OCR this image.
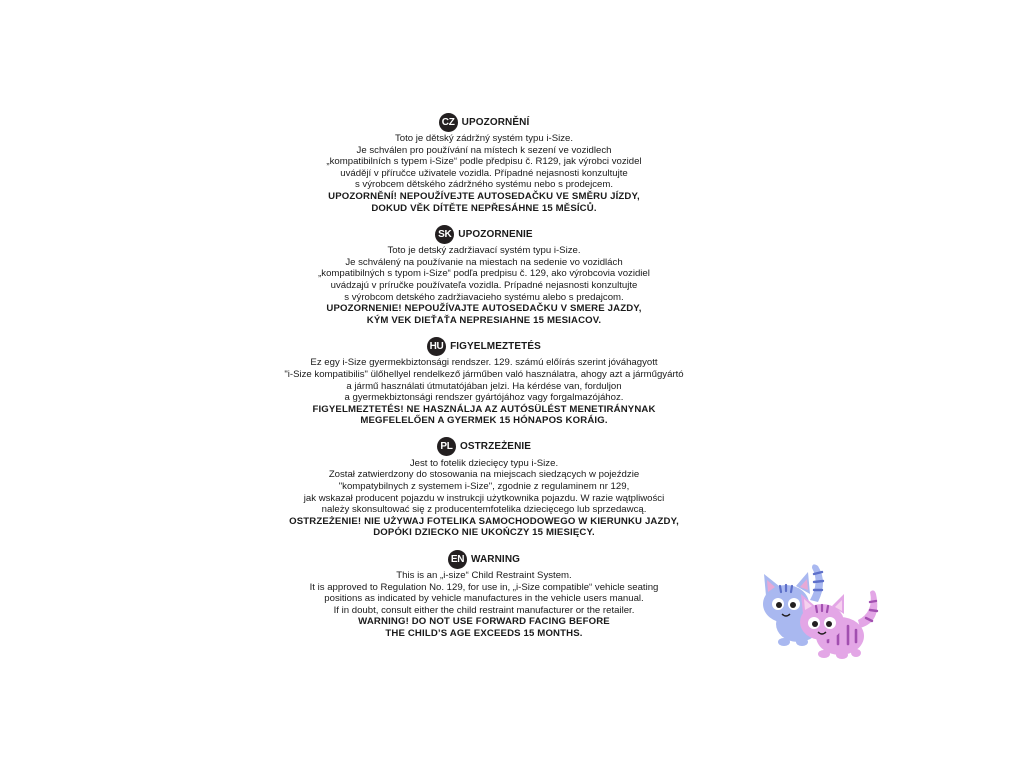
CZ UPOZORNĚNÍ
Toto je dětský zádržný systém typu i-Size.
Je schválen pro používání na místech k sezení ve vozidlech
„kompatibilních s typem i-Size“ podle předpisu č. R129, jak výrobci vozidel
uvádějí v příručce uživatele vozidla. Případné nejasnosti konzultujte
s výrobcem dětského zádržného systému nebo s prodejcem.
UPOZORNĚNÍ! NEPOUŽÍVEJTE AUTOSEDAČKU VE SMĚRU JÍZDY,
DOKUD VĚK DÍTĚTE NEPŘESÁHNE 15 MĚSÍCŮ.
SK UPOZORNENIE
Toto je detský zadržiavací systém typu i-Size.
Je schválený na používanie na miestach na sedenie vo vozidlách
„kompatibilných s typom i-Size“ podľa predpisu č. 129, ako výrobcovia vozidiel
uvádzajú v príručke používateľa vozidla. Prípadné nejasnosti konzultujte
s výrobcom detského zadržiavacieho systému alebo s predajcom.
UPOZORNENIE! NEPOUŽÍVAJTE AUTOSEDAČKU V SMERE JAZDY,
KÝM VEK DIEŤAŤA NEPRESIAHNE 15 MESIACOV.
HU FIGYELMEZTETÉS
Ez egy i-Size gyermekbiztonsági rendszer. 129. számú előírás szerint jóváhagyott
"i-Size kompatibilis" ülőhellyel rendelkező járműben való használatra, ahogy azt a járműgyártó
a jármű használati útmutatójában jelzi. Ha kérdése van, forduljon
a gyermekbiztonsági rendszer gyártójához vagy forgalmazójához.
FIGYELMEZTETÉS! NE HASZNÁLJA AZ AUTÓSÜLÉST MENETIRÁNYNAK
MEGFELELŐEN A GYERMEK 15 HÓNAPOS KORÁIG.
PL OSTRZEŻENIE
Jest to fotelik dziecięcy typu i-Size.
Został zatwierdzony do stosowania na miejscach siedzących w pojeździe
"kompatybilnych z systemem i-Size", zgodnie z regulaminem nr 129,
jak wskazał producent pojazdu w instrukcji użytkownika pojazdu. W razie wątpliwości
należy skonsultować się z producentemfotelika dziecięcego lub sprzedawcą.
OSTRZEŻENIE! NIE UŻYWAJ FOTELIKA SAMOCHODOWEGO W KIERUNKU JAZDY,
DOPÓKI DZIECKO NIE UKOŃCZY 15 MIESIĘCY.
EN WARNING
This is an „i-size“ Child Restraint System.
It is approved to Regulation No. 129, for use in, „i-Size compatible“ vehicle seating
positions as indicated by vehicle manufactures in the vehicle users manual.
If in doubt, consult either the child restraint manufacturer or the retailer.
WARNING! DO NOT USE FORWARD FACING BEFORE
THE CHILD’S AGE EXCEEDS 15 MONTHS.
